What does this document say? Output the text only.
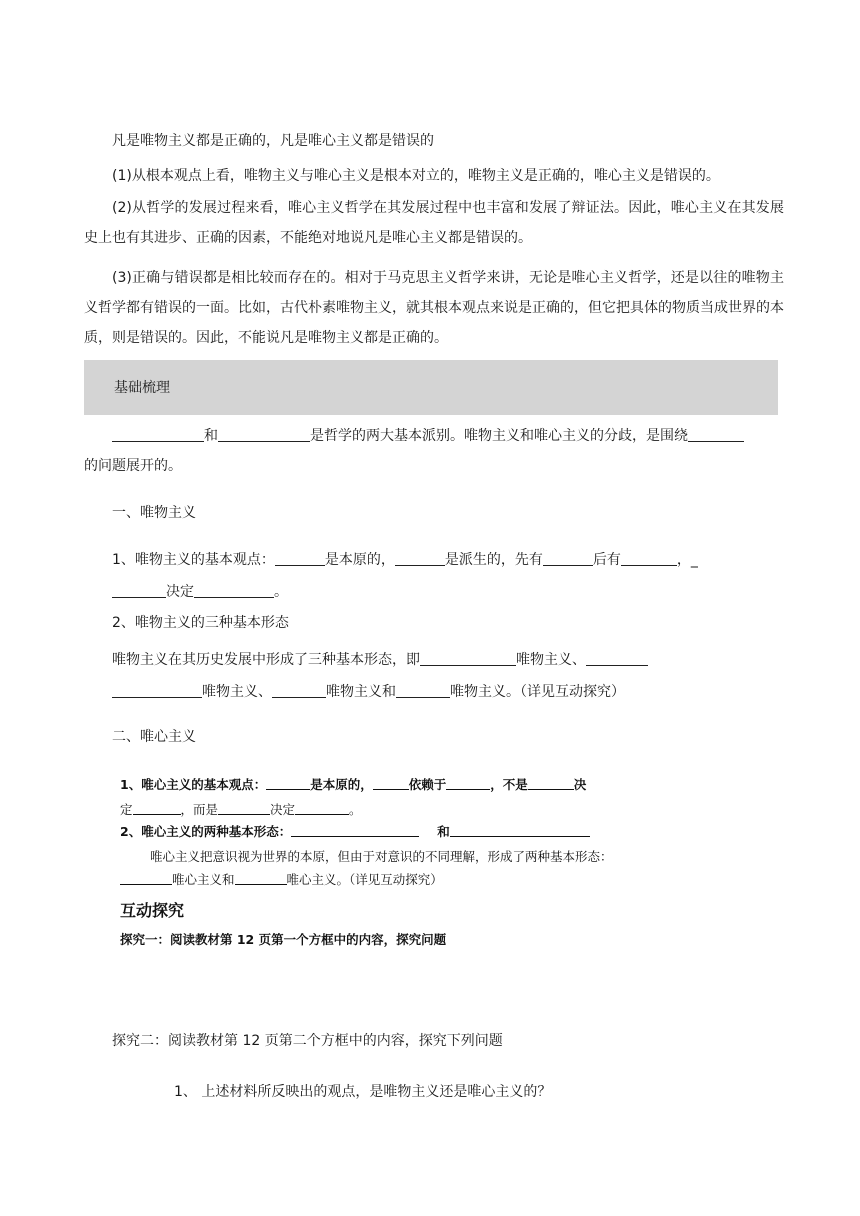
凡是唯物主义都是正确的，凡是唯心主义都是错误的
(1)从根本观点上看，唯物主义与唯心主义是根本对立的，唯物主义是正确的，唯心主义是错误的。
(2)从哲学的发展过程来看，唯心主义哲学在其发展过程中也丰富和发展了辩证法。因此，唯心主义在其发展史上也有其进步、正确的因素，不能绝对地说凡是唯心主义都是错误的。
(3)正确与错误都是相比较而存在的。相对于马克思主义哲学来讲，无论是唯心主义哲学，还是以往的唯物主义哲学都有错误的一面。比如，古代朴素唯物主义，就其根本观点来说是正确的，但它把具体的物质当成世界的本质，则是错误的。因此，不能说凡是唯物主义都是正确的。
基础梳理
和	是哲学的两大基本派别。唯物主义和唯心主义的分歧，是围绕
的问题展开的。
一、唯物主义
1、唯物主义的基本观点：	是本原的，	是派生的，先有	后有	，_
决定	。
2、唯物主义的三种基本形态
唯物主义在其历史发展中形成了三种基本形态，即	唯物主义、
唯物主义、	唯物主义和	唯物主义。（详见互动探究）
二、唯心主义
1、唯心主义的基本观点：	是本原的，	依赖于	，不是	决
定	，而是	决定	。
2、唯心主义的两种基本形态：	和
唯心主义把意识视为世界的本原，但由于对意识的不同理解，形成了两种基本形态：
唯心主义和	唯心主义。（详见互动探究）
互动探究
探究一：阅读教材第 12 页第一个方框中的内容，探究问题
探究二：阅读教材第 12 页第二个方框中的内容，探究下列问题
1、 上述材料所反映出的观点，是唯物主义还是唯心主义的？
